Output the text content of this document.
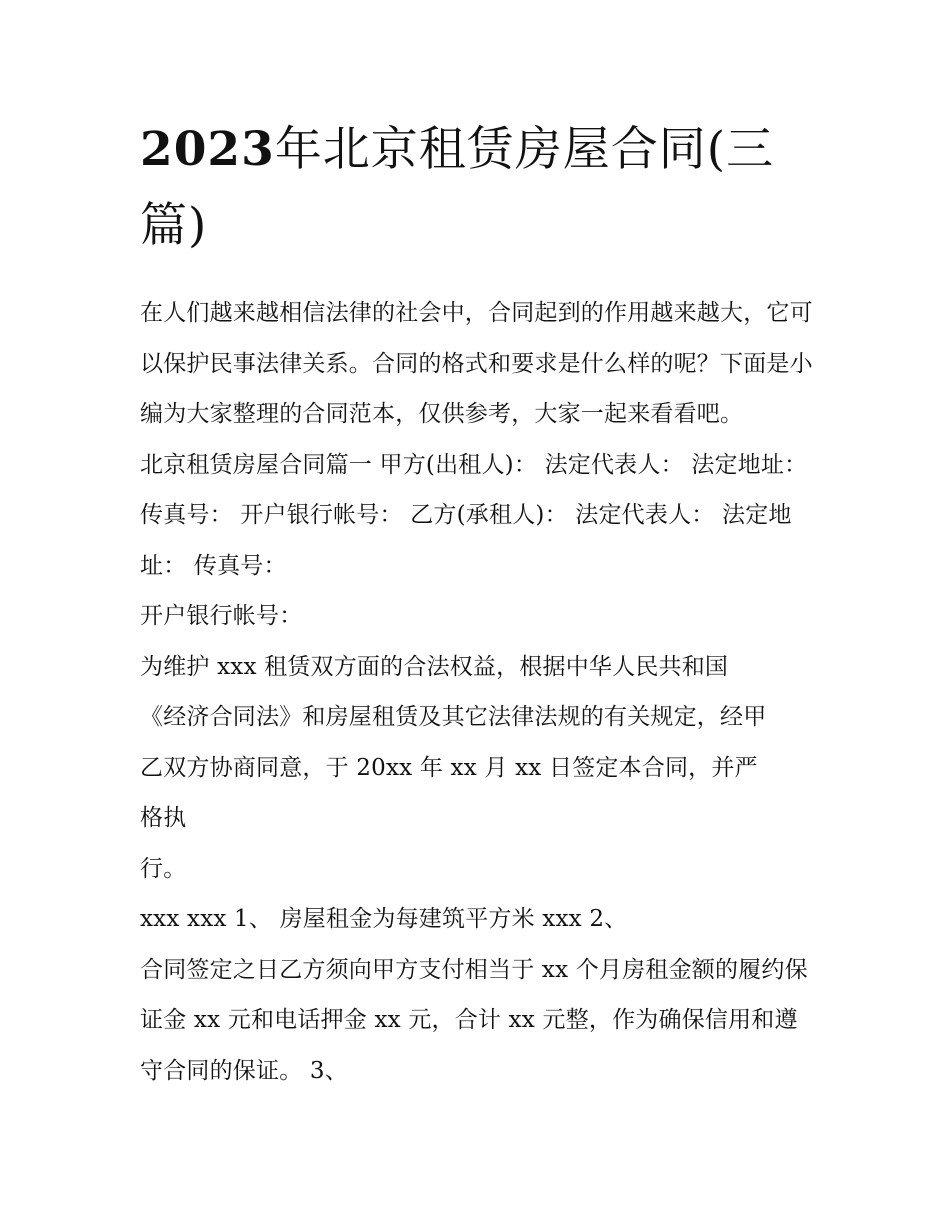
2023年北京租赁房屋合同(三
篇)

在人们越来越相信法律的社会中，合同起到的作用越来越大，它可以保护民事法律关系。合同的格式和要求是什么样的呢？下面是小编为大家整理的合同范本，仅供参考，大家一起来看看吧。

北京租赁房屋合同篇一 甲方(出租人)： 法定代表人： 法定地址： 传真号： 开户银行帐号： 乙方(承租人)： 法定代表人： 法定地址： 传真号：

开户银行帐号：

为维护 xxx 租赁双方面的合法权益，根据中华人民共和国《经济合同法》和房屋租赁及其它法律法规的有关规定，经甲乙双方协商同意，于 20xx 年 xx 月 xx 日签定本合同，并严格执

行。

xxx xxx 1、 房屋租金为每建筑平方米 xxx 2、

合同签定之日乙方须向甲方支付相当于 xx 个月房租金额的履约保证金 xx 元和电话押金 xx 元，合计 xx 元整，作为确保信用和遵守合同的保证。 3、
